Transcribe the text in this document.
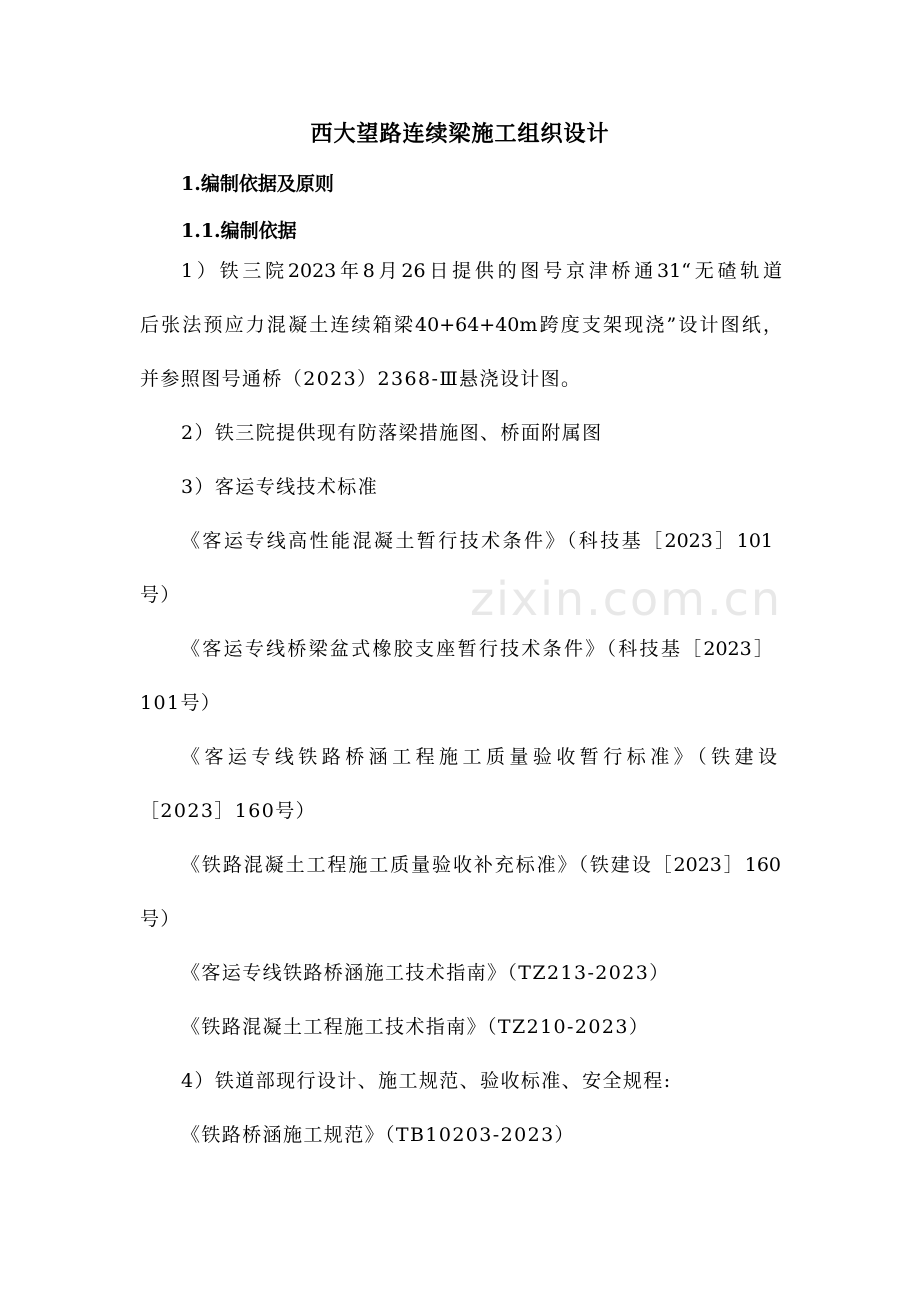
zixin.com.cn
西大望路连续梁施工组织设计
1.编制依据及原则
1.1.编制依据
1）铁三院2023年8月26日提供的图号京津桥通31“无碴轨道
后张法预应力混凝土连续箱梁40+64+40m跨度支架现浇”设计图纸，
并参照图号通桥（2023）2368-Ⅲ悬浇设计图。
2）铁三院提供现有防落梁措施图、桥面附属图
3）客运专线技术标准
《客运专线高性能混凝土暂行技术条件》（科技基［2023］101
号）
《客运专线桥梁盆式橡胶支座暂行技术条件》（科技基［2023］
101号）
《客运专线铁路桥涵工程施工质量验收暂行标准》（铁建设
［2023］160号）
《铁路混凝土工程施工质量验收补充标准》（铁建设［2023］160
号）
《客运专线铁路桥涵施工技术指南》（TZ213-2023）
《铁路混凝土工程施工技术指南》（TZ210-2023）
4）铁道部现行设计、施工规范、验收标准、安全规程:
《铁路桥涵施工规范》（TB10203-2023）
